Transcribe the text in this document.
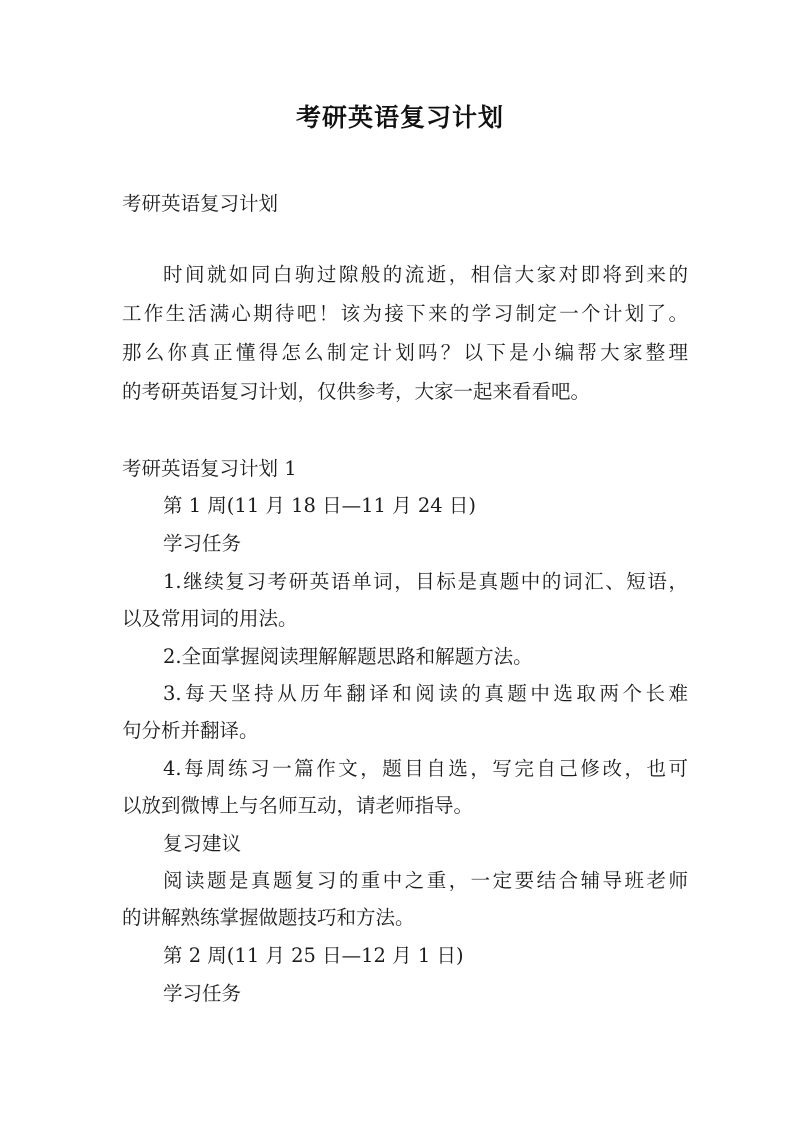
考研英语复习计划
考研英语复习计划
时间就如同白驹过隙般的流逝，相信大家对即将到来的
工作生活满心期待吧！该为接下来的学习制定一个计划了。
那么你真正懂得怎么制定计划吗？以下是小编帮大家整理
的考研英语复习计划，仅供参考，大家一起来看看吧。
考研英语复习计划 1
第 1 周(11 月 18 日—11 月 24 日)
学习任务
1.继续复习考研英语单词，目标是真题中的词汇、短语，
以及常用词的用法。
2.全面掌握阅读理解解题思路和解题方法。
3.每天坚持从历年翻译和阅读的真题中选取两个长难
句分析并翻译。
4.每周练习一篇作文，题目自选，写完自己修改，也可
以放到微博上与名师互动，请老师指导。
复习建议
阅读题是真题复习的重中之重，一定要结合辅导班老师
的讲解熟练掌握做题技巧和方法。
第 2 周(11 月 25 日—12 月 1 日)
学习任务
